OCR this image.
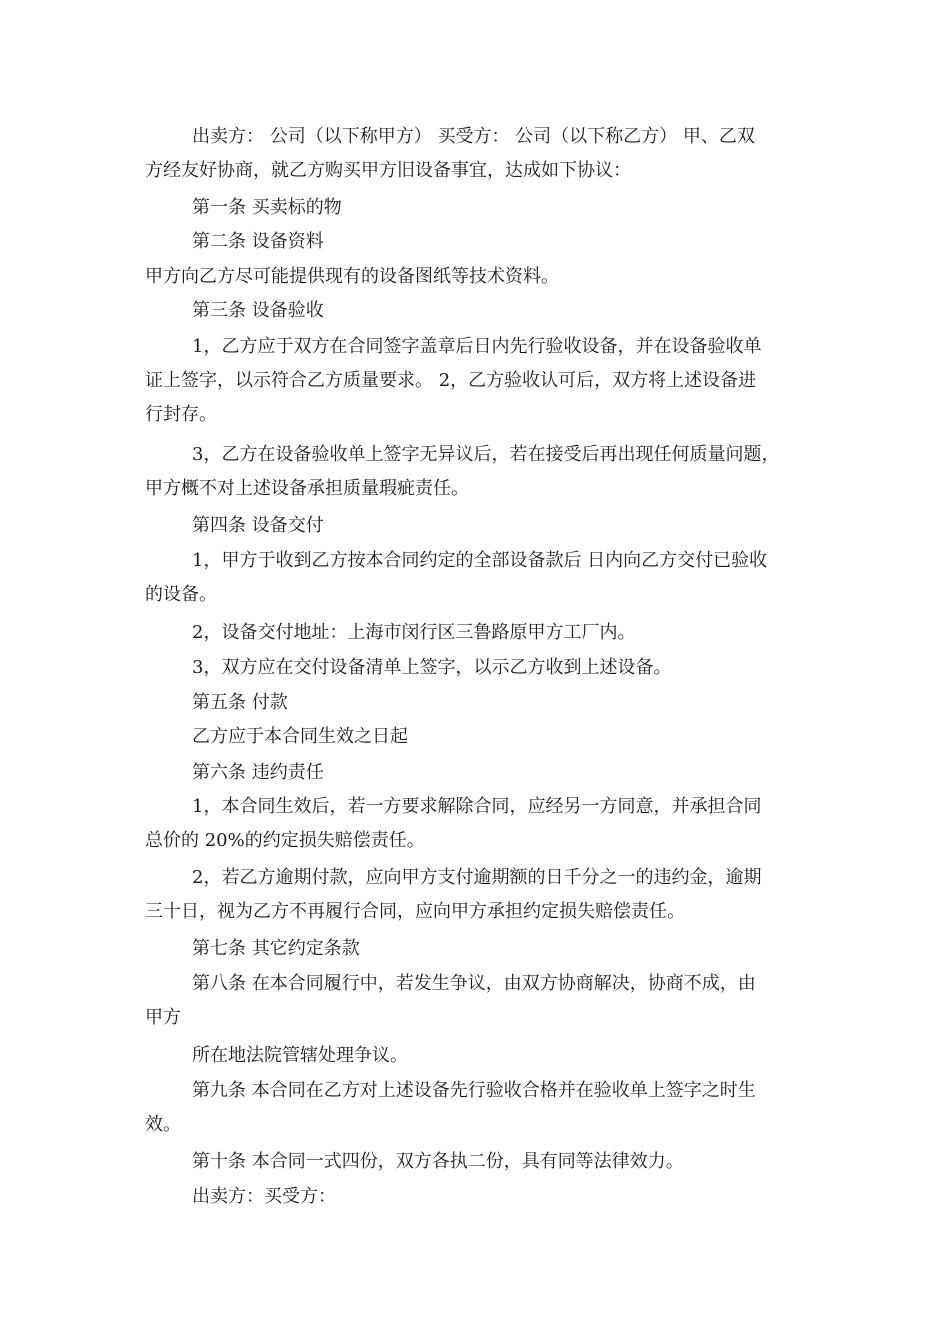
出卖方： 公司（以下称甲方） 买受方： 公司（以下称乙方） 甲、乙双
方经友好协商，就乙方购买甲方旧设备事宜，达成如下协议：

第一条 买卖标的物

第二条 设备资料

甲方向乙方尽可能提供现有的设备图纸等技术资料。

第三条 设备验收

1，乙方应于双方在合同签字盖章后日内先行验收设备，并在设备验收单
证上签字，以示符合乙方质量要求。 2，乙方验收认可后，双方将上述设备进
行封存。

3，乙方在设备验收单上签字无异议后，若在接受后再出现任何质量问题，
甲方概不对上述设备承担质量瑕疵责任。

第四条 设备交付

1，甲方于收到乙方按本合同约定的全部设备款后 日内向乙方交付已验收
的设备。

2，设备交付地址：上海市闵行区三鲁路原甲方工厂内。

3，双方应在交付设备清单上签字，以示乙方收到上述设备。

第五条 付款

乙方应于本合同生效之日起

第六条 违约责任

1，本合同生效后，若一方要求解除合同，应经另一方同意，并承担合同
总价的 20%的约定损失赔偿责任。

2，若乙方逾期付款，应向甲方支付逾期额的日千分之一的违约金，逾期
三十日，视为乙方不再履行合同，应向甲方承担约定损失赔偿责任。

第七条 其它约定条款

第八条 在本合同履行中，若发生争议，由双方协商解决，协商不成，由
甲方

所在地法院管辖处理争议。

第九条 本合同在乙方对上述设备先行验收合格并在验收单上签字之时生
效。

第十条 本合同一式四份，双方各执二份，具有同等法律效力。

出卖方：买受方：
